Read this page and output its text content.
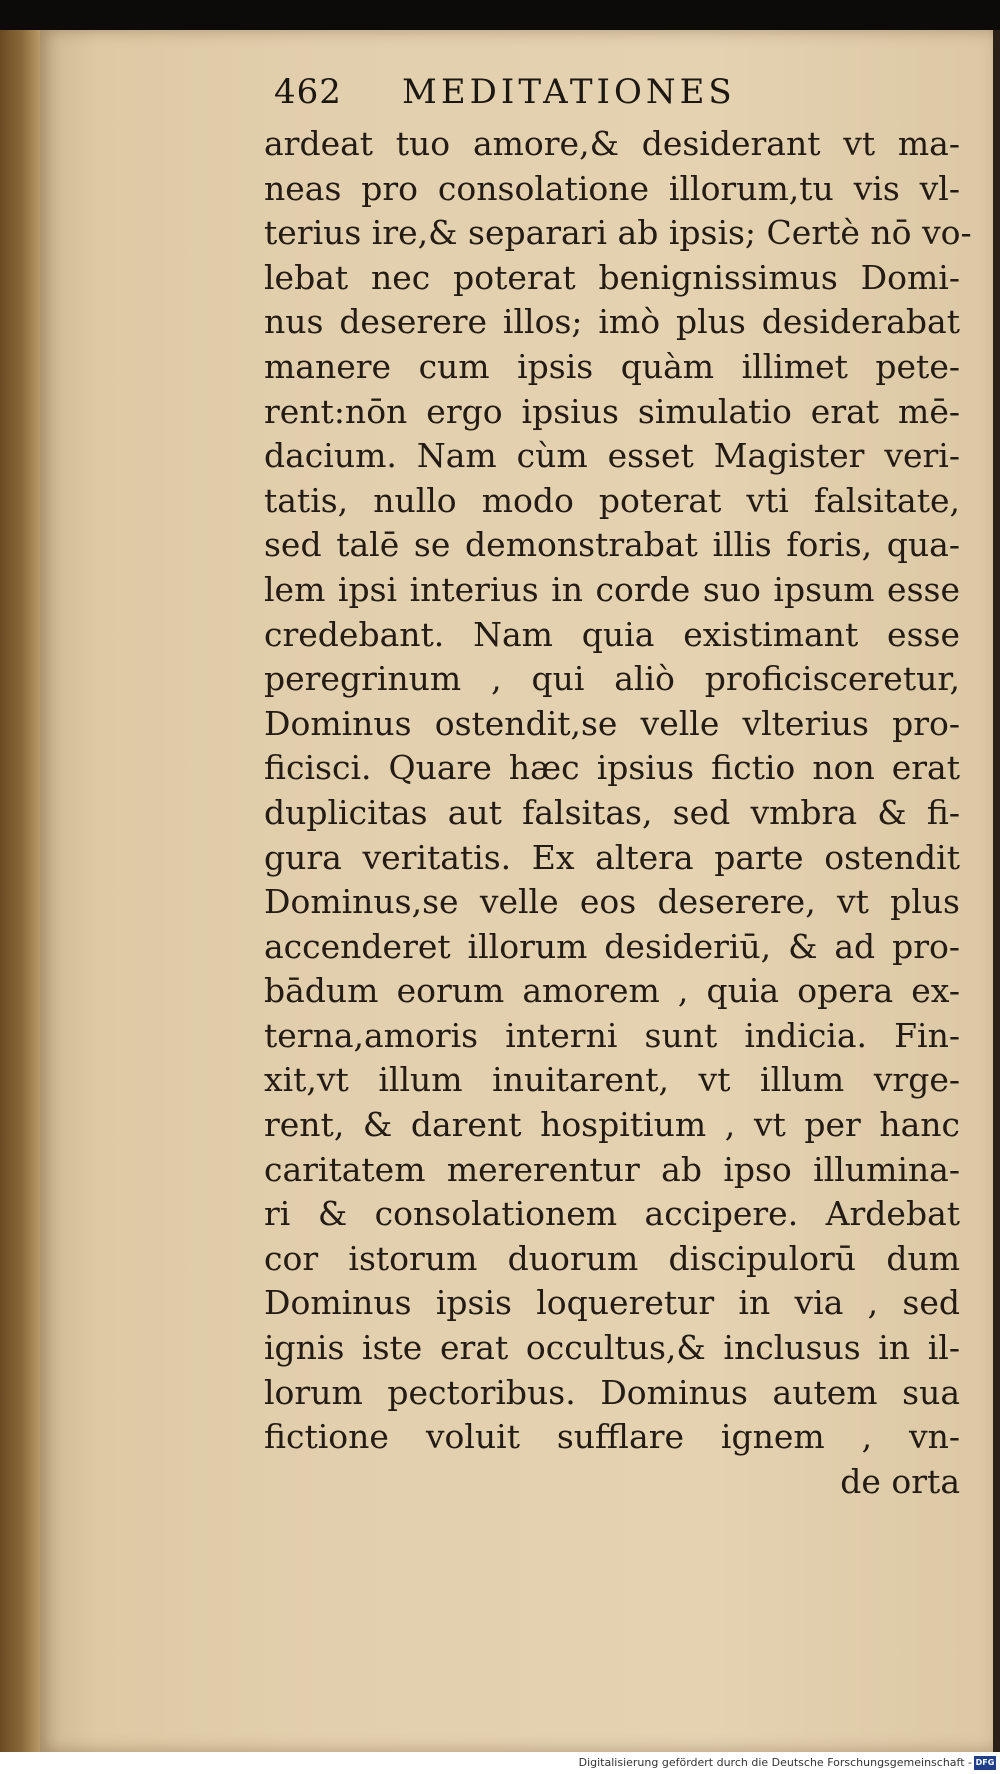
462 MEDITATIONES
ardeat tuo amore,& desiderant vt ma-
neas pro consolatione illorum,tu vis vl-
terius ire,& separari ab ipsis; Certè nō vo-
lebat nec poterat benignissimus Domi-
nus deserere illos; imò plus desiderabat
manere cum ipsis quàm illimet pete-
rent:nōn ergo ipsius simulatio erat mē-
dacium. Nam cùm esset Magister veri-
tatis, nullo modo poterat vti falsitate,
sed talē se demonstrabat illis foris, qua-
lem ipsi interius in corde suo ipsum esse
credebant. Nam quia existimant esse
peregrinum , qui aliò proficisceretur,
Dominus ostendit,se velle vlterius pro-
ficisci. Quare hæc ipsius fictio non erat
duplicitas aut falsitas, sed vmbra & fi-
gura veritatis. Ex altera parte ostendit
Dominus,se velle eos deserere, vt plus
accenderet illorum desideriū, & ad pro-
bādum eorum amorem , quia opera ex-
terna,amoris interni sunt indicia. Fin-
xit,vt illum inuitarent, vt illum vrge-
rent, & darent hospitium , vt per hanc
caritatem mererentur ab ipso illumina-
ri & consolationem accipere. Ardebat
cor istorum duorum discipulorū dum
Dominus ipsis loqueretur in via , sed
ignis iste erat occultus,& inclusus in il-
lorum pectoribus. Dominus autem sua
fictione voluit sufflare ignem , vn-
de orta
Digitalisierung gefördert durch die Deutsche Forschungsgemeinschaft - DFG
